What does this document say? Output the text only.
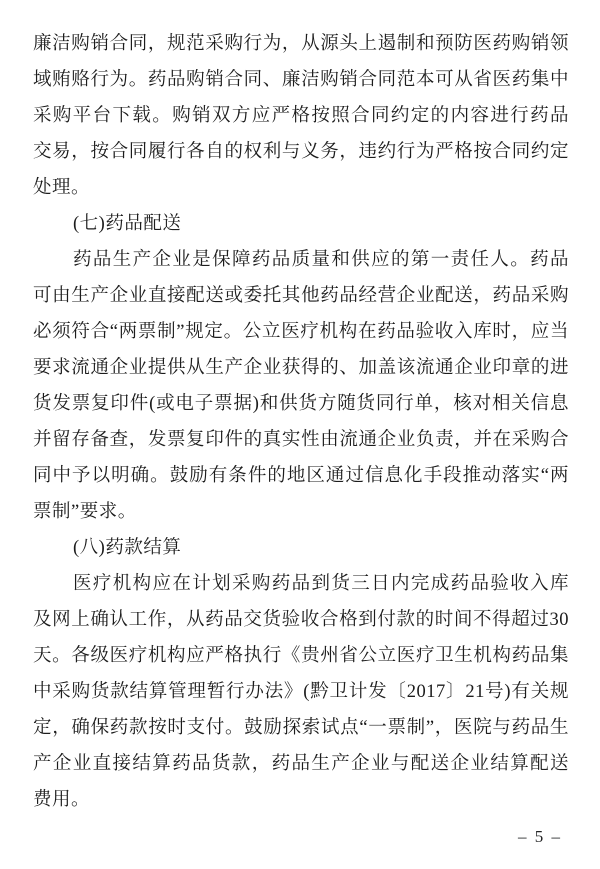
廉洁购销合同，规范采购行为，从源头上遏制和预防医药购销领
域贿赂行为。药品购销合同、廉洁购销合同范本可从省医药集中
采购平台下载。购销双方应严格按照合同约定的内容进行药品
交易，按合同履行各自的权利与义务，违约行为严格按合同约定
处理。
(七)药品配送
药品生产企业是保障药品质量和供应的第一责任人。药品
可由生产企业直接配送或委托其他药品经营企业配送，药品采购
必须符合“两票制”规定。公立医疗机构在药品验收入库时，应当
要求流通企业提供从生产企业获得的、加盖该流通企业印章的进
货发票复印件(或电子票据)和供货方随货同行单，核对相关信息
并留存备查，发票复印件的真实性由流通企业负责，并在采购合
同中予以明确。鼓励有条件的地区通过信息化手段推动落实“两
票制”要求。
(八)药款结算
医疗机构应在计划采购药品到货三日内完成药品验收入库
及网上确认工作，从药品交货验收合格到付款的时间不得超过30
天。各级医疗机构应严格执行《贵州省公立医疗卫生机构药品集
中采购货款结算管理暂行办法》(黔卫计发〔2017〕21号)有关规
定，确保药款按时支付。鼓励探索试点“一票制”，医院与药品生
产企业直接结算药品货款，药品生产企业与配送企业结算配送
费用。
– 5 –
